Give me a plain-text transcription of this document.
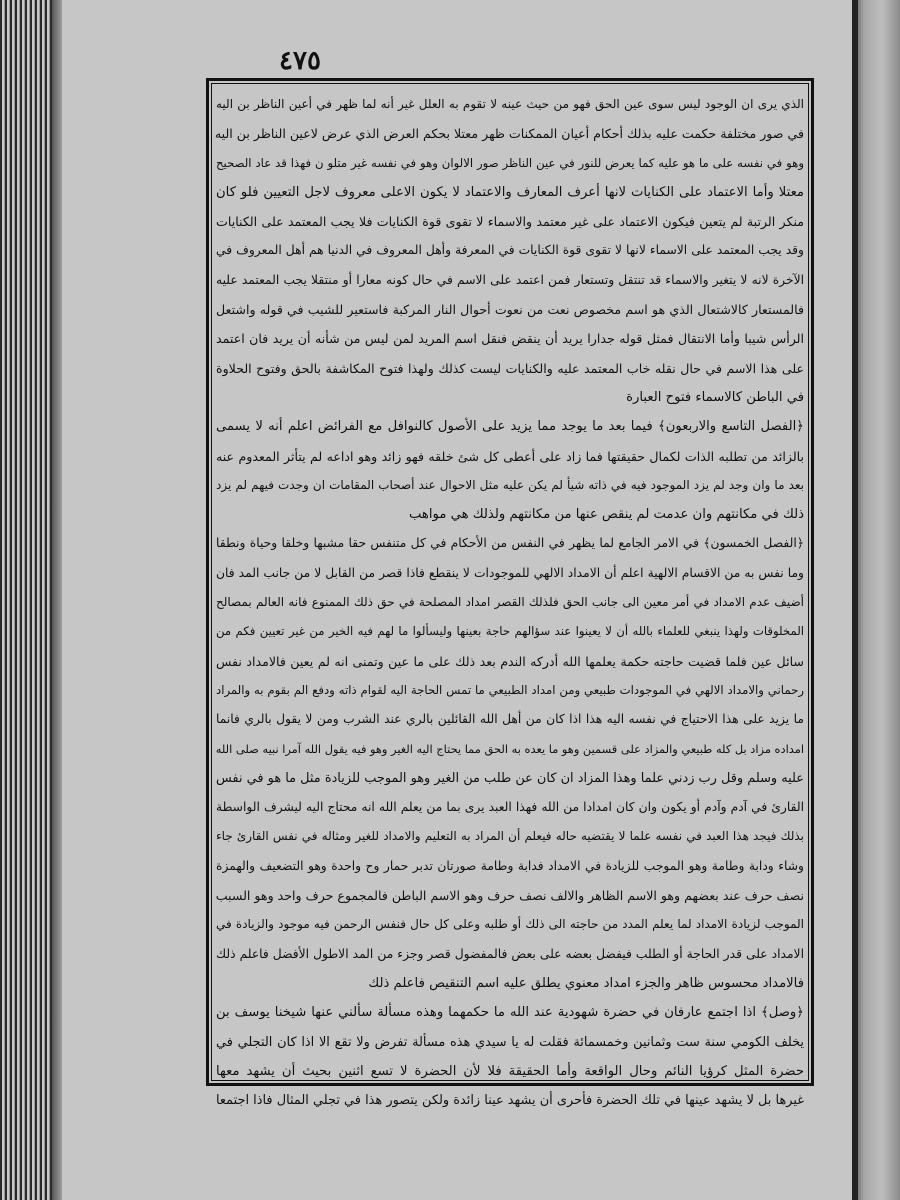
٤٧٥
الذي يرى ان الوجود ليس سوى عين الحق فهو من حيث عينه لا تقوم به العلل غير أنه لما ظهر في أعين الناظر بن اليه
في صور مختلفة حكمت عليه بذلك أحكام أعيان الممكنات ظهر معتلا بحكم العرض الذي عرض لاعين الناظر بن اليه
وهو في نفسه على ما هو عليه كما يعرض للنور في عين الناظر صور الالوان وهو في نفسه غير متلو ن فهذا قد عاد الصحيح
معتلا وأما الاعتماد على الكنايات لانها أعرف المعارف والاعتماد لا يكون الاعلى معروف لاجل التعيين فلو كان
منكر الرتبة لم يتعين فيكون الاعتماد على غير معتمد والاسماء لا تقوى قوة الكنايات فلا يجب المعتمد على الكنايات
وقد يجب المعتمد على الاسماء لانها لا تقوى قوة الكنايات في المعرفة وأهل المعروف في الدنيا هم أهل المعروف في
الآخرة لانه لا يتغير والاسماء قد تنتقل وتستعار فمن اعتمد على الاسم في حال كونه معارا أو منتقلا يجب المعتمد عليه
فالمستعار كالاشتعال الذي هو اسم مخصوص نعت من نعوت أحوال النار المركبة فاستعير للشيب في قوله واشتعل
الرأس شيبا وأما الانتقال فمثل قوله جدارا يريد أن ينقض فنقل اسم المريد لمن ليس من شأنه أن يريد فان اعتمد
على هذا الاسم في حال نقله خاب المعتمد عليه والكنايات ليست كذلك ولهذا فتوح المكاشفة بالحق وفتوح الحلاوة
في الباطن كالاسماء فتوح العبارة
﴿الفصل التاسع والاربعون﴾ فيما بعد ما يوجد مما يزيد على الأصول كالنوافل مع الفرائض اعلم أنه لا يسمى
بالزائد من تطلبه الذات لكمال حقيقتها فما زاد على أعطى كل شئ خلقه فهو زائد وهو اداعه لم يتأثر المعدوم عنه
بعد ما وان وجد لم يزد الموجود فيه في ذاته شيأ لم يكن عليه مثل الاحوال عند أصحاب المقامات ان وجدت فيهم لم يزد
ذلك في مكانتهم وان عدمت لم ينقص عنها من مكانتهم ولذلك هي مواهب
﴿الفصل الخمسون﴾ في الامر الجامع لما يظهر في النفس من الأحكام في كل متنفس حقا مشبها وخلقا وحياة ونطقا
وما نفس به من الاقسام الالهية اعلم أن الامداد الالهي للموجودات لا ينقطع فاذا قصر من القابل لا من جانب المد فان
أضيف عدم الامداد في أمر معين الى جانب الحق فلذلك القصر امداد المصلحة في حق ذلك الممنوع فانه العالم بمصالح
المخلوقات ولهذا ينبغي للعلماء بالله أن لا يعينوا عند سؤالهم حاجة بعينها وليسألوا ما لهم فيه الخير من غير تعيين فكم من
سائل عين فلما قضيت حاجته حكمة يعلمها الله أدركه الندم بعد ذلك على ما عين وتمنى انه لم يعين فالامداد نفس
رحماني والامداد الالهي في الموجودات طبيعي ومن امداد الطبيعي ما تمس الحاجة اليه لقوام ذاته ودفع الم بقوم به والمراد
ما يزيد على هذا الاحتياج في نفسه اليه هذا اذا كان من أهل الله القائلين بالري عند الشرب ومن لا يقول بالري فانما
امداده مزاد بل كله طبيعي والمزاد على قسمين وهو ما يعده به الحق مما يحتاج اليه الغير وهو فيه يقول الله آمرا نبيه صلى الله
عليه وسلم وقل رب زدني علما وهذا المزاد ان كان عن طلب من الغير وهو الموجب للزيادة مثل ما هو في نفس
القارئ في آدم وآدم أو يكون وان كان امدادا من الله فهذا العبد يرى بما من يعلم الله انه محتاج اليه ليشرف الواسطة
بذلك فيجد هذا العبد في نفسه علما لا يقتضيه حاله فيعلم أن المراد به التعليم والامداد للغير ومثاله في نفس القارئ جاء
وشاء ودابة وطامة وهو الموجب للزيادة في الامداد فدابة وطامة صورتان تدبر حمار وح واحدة وهو التضعيف والهمزة
نصف حرف عند بعضهم وهو الاسم الظاهر والالف نصف حرف وهو الاسم الباطن فالمجموع حرف واحد وهو السبب
الموجب لزيادة الامداد لما يعلم المدد من حاجته الى ذلك أو طلبه وعلى كل حال فنفس الرحمن فيه موجود والزيادة في
الامداد على قدر الحاجة أو الطلب فيفضل بعضه على بعض فالمفضول قصر وجزء من المد الاطول الأفضل فاعلم ذلك
فالامداد محسوس ظاهر والجزء امداد معنوي يطلق عليه اسم التنقيص فاعلم ذلك
﴿وصل﴾ اذا اجتمع عارفان في حضرة شهودية عند الله ما حكمهما وهذه مسألة سألني عنها شيخنا يوسف بن
يخلف الكومي سنة ست وثمانين وخمسمائة فقلت له يا سيدي هذه مسألة تفرض ولا تقع الا اذا كان التجلي في
حضرة المثل كرؤيا النائم وحال الواقعة وأما الحقيقة فلا لأن الحضرة لا تسع اثنين بحيث أن يشهد معها
غيرها بل لا يشهد عينها في تلك الحضرة فأحرى أن يشهد عينا زائدة ولكن يتصور هذا في تجلي المثال فاذا اجتمعا
